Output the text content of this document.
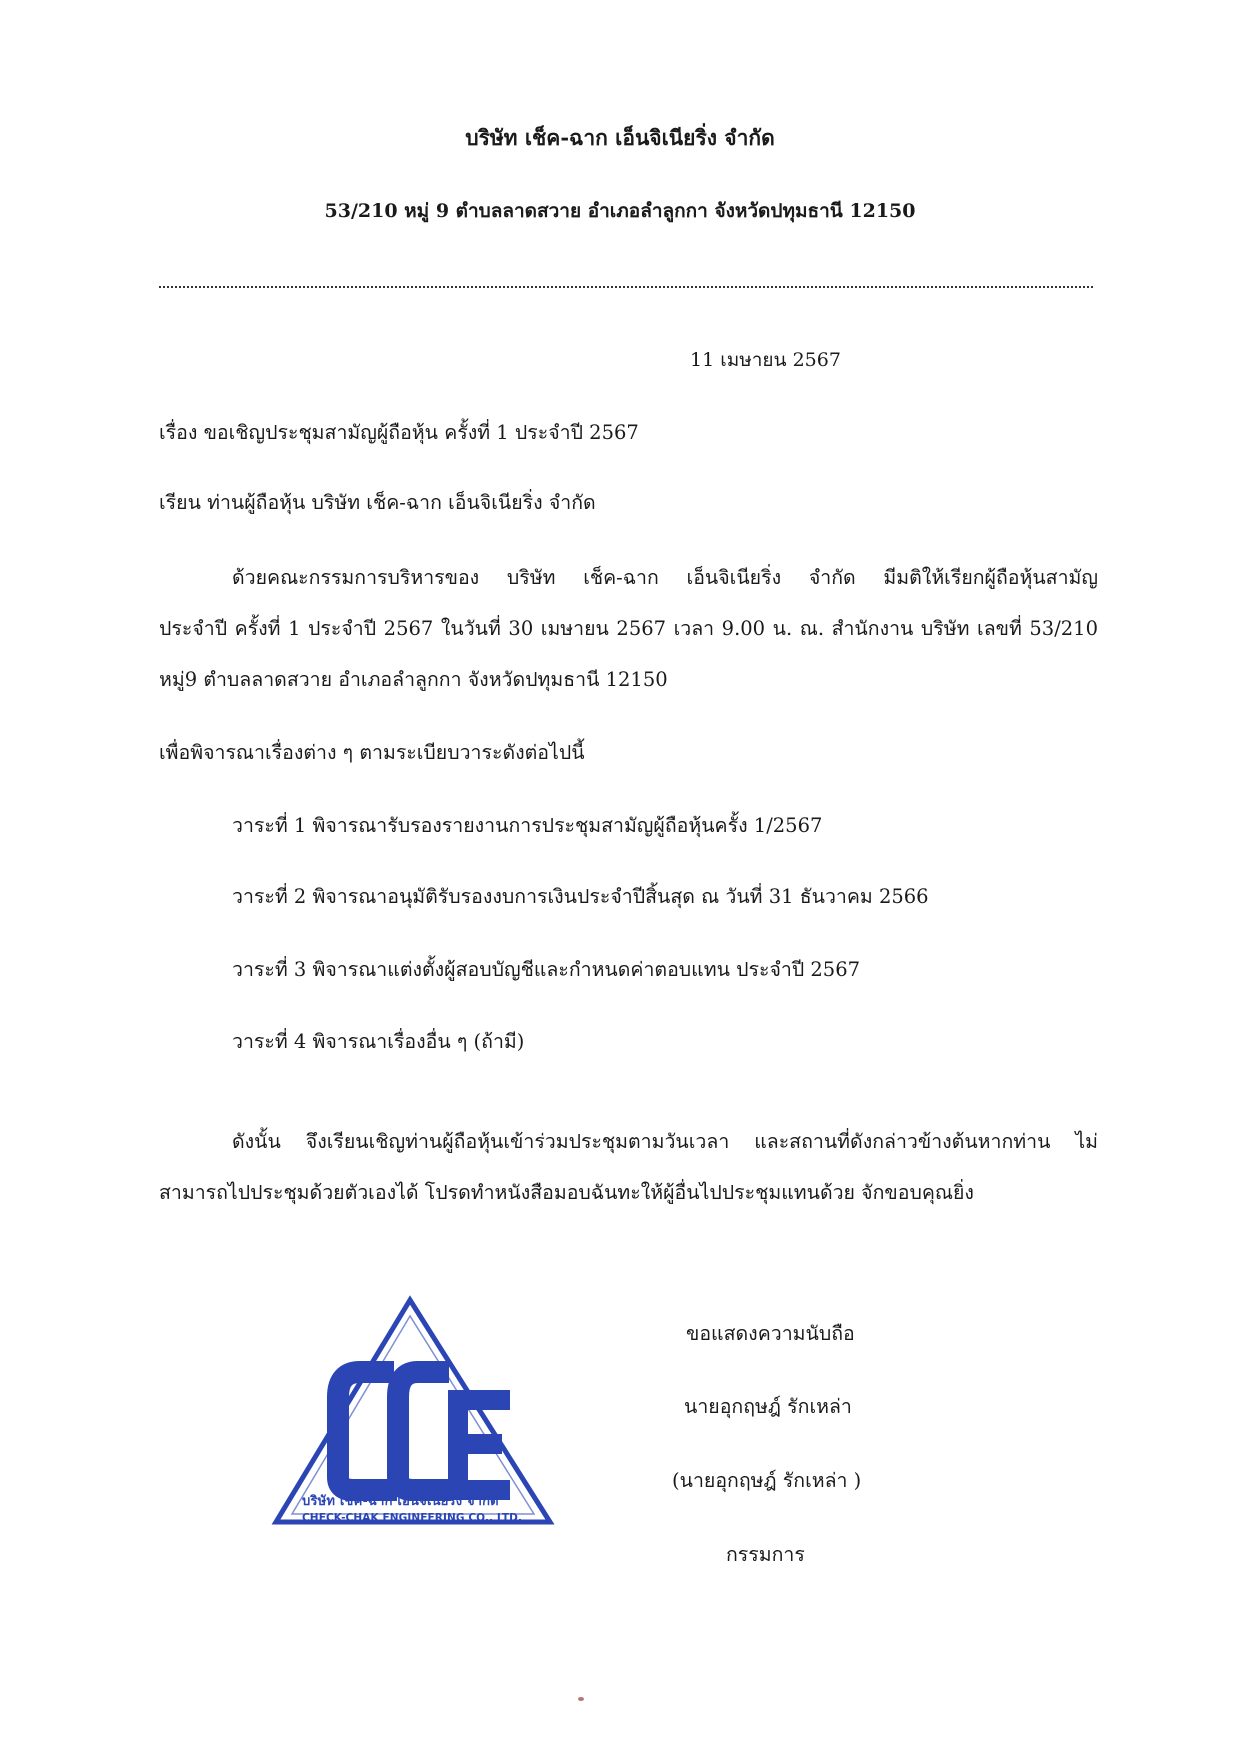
บริษัท เช็ค-ฉาก เอ็นจิเนียริ่ง จำกัด
53/210 หมู่ 9 ตำบลลาดสวาย อำเภอลำลูกกา จังหวัดปทุมธานี 12150
11 เมษายน 2567
เรื่อง ขอเชิญประชุมสามัญผู้ถือหุ้น ครั้งที่ 1 ประจำปี 2567
เรียน ท่านผู้ถือหุ้น บริษัท เช็ค-ฉาก เอ็นจิเนียริ่ง จำกัด
ด้วยคณะกรรมการบริหารของ บริษัท เช็ค-ฉาก เอ็นจิเนียริ่ง จำกัด มีมติให้เรียกผู้ถือหุ้นสามัญ
ประจำปี ครั้งที่ 1 ประจำปี 2567 ในวันที่ 30 เมษายน 2567 เวลา 9.00 น. ณ. สำนักงาน บริษัท เลขที่ 53/210
หมู่9 ตำบลลาดสวาย อำเภอลำลูกกา จังหวัดปทุมธานี 12150
เพื่อพิจารณาเรื่องต่าง ๆ ตามระเบียบวาระดังต่อไปนี้
วาระที่ 1 พิจารณารับรองรายงานการประชุมสามัญผู้ถือหุ้นครั้ง 1/2567
วาระที่ 2 พิจารณาอนุมัติรับรองงบการเงินประจำปีสิ้นสุด ณ วันที่ 31 ธันวาคม 2566
วาระที่ 3 พิจารณาแต่งตั้งผู้สอบบัญชีและกำหนดค่าตอบแทน ประจำปี 2567
วาระที่ 4 พิจารณาเรื่องอื่น ๆ (ถ้ามี)
ดังนั้น จึงเรียนเชิญท่านผู้ถือหุ้นเข้าร่วมประชุมตามวันเวลา และสถานที่ดังกล่าวข้างต้นหากท่าน ไม่
สามารถไปประชุมด้วยตัวเองได้ โปรดทำหนังสือมอบฉันทะให้ผู้อื่นไปประชุมแทนด้วย จักขอบคุณยิ่ง
บริษัท เช็ค-ฉาก เอ็นจิเนียริ่ง จำกัด
CHECK-CHAK ENGINEERING CO., LTD.
ขอแสดงความนับถือ
นายอุกฤษฎ์ รักเหล่า
(นายอุกฤษฎ์ รักเหล่า )
กรรมการ
